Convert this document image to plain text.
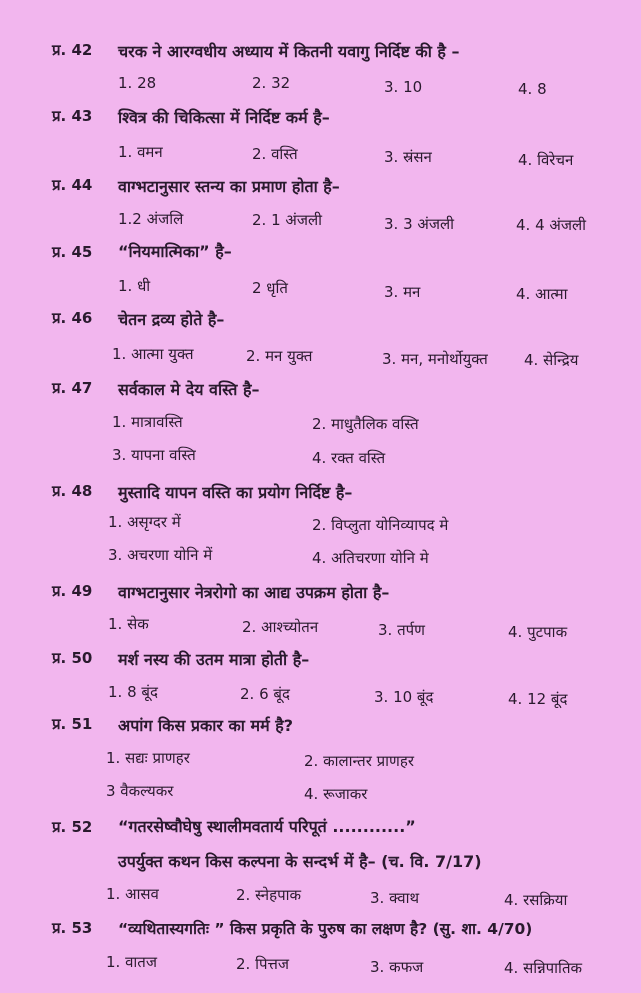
प्र. 42 चरक ने आरग्वधीय अध्याय में कितनी यवागु निर्दिष्ट की है –
1. 28	2. 32	3. 10	4. 8
प्र. 43 श्वित्र की चिकित्सा में निर्दिष्ट कर्म है–
1. वमन	2. वस्ति	3. स्रंसन	4. विरेचन
प्र. 44 वाग्भटानुसार स्तन्य का प्रमाण होता है–
1.2 अंजलि	2. 1 अंजली	3. 3 अंजली	4. 4 अंजली
प्र. 45 “नियमात्मिका” है–
1. धी	2 धृति	3. मन	4. आत्मा
प्र. 46 चेतन द्रव्य होते है–
1. आत्मा युक्त	2. मन युक्त	3. मन, मनोर्थोयुक्त 4. सेन्द्रिय
प्र. 47 सर्वकाल मे देय वस्ति है–
1. मात्रावस्ति	2. माधुतैलिक वस्ति
3. यापना वस्ति	4. रक्त वस्ति
प्र. 48 मुस्तादि यापन वस्ति का प्रयोग निर्दिष्ट है–
1. असृग्दर में	2. विप्लुता योनिव्यापद मे
3. अचरणा योनि में	4. अतिचरणा योनि मे
प्र. 49 वाग्भटानुसार नेत्ररोगो का आद्य उपक्रम होता है–
1. सेक	2. आश्च्योतन	3. तर्पण	4. पुटपाक
प्र. 50 मर्श नस्य की उतम मात्रा होती है–
1. 8 बूंद	2. 6 बूंद	3. 10 बूंद	4. 12 बूंद
प्र. 51 अपांग किस प्रकार का मर्म है?
1. सद्यः प्राणहर	2. कालान्तर प्राणहर
3 वैकल्यकर	4. रूजाकर
प्र. 52 “गतरसेष्वौघेषु स्थालीमवतार्य परिपूतं ............”
उपर्युक्त कथन किस कल्पना के सन्दर्भ में है– (च. वि. 7/17)
1. आसव	2. स्नेहपाक	3. क्वाथ	4. रसक्रिया
प्र. 53 “व्यथितास्यगतिः ” किस प्रकृति के पुरुष का लक्षण है? (सु. शा. 4/70)
1. वातज	2. पित्तज	3. कफज	4. सन्निपातिक
